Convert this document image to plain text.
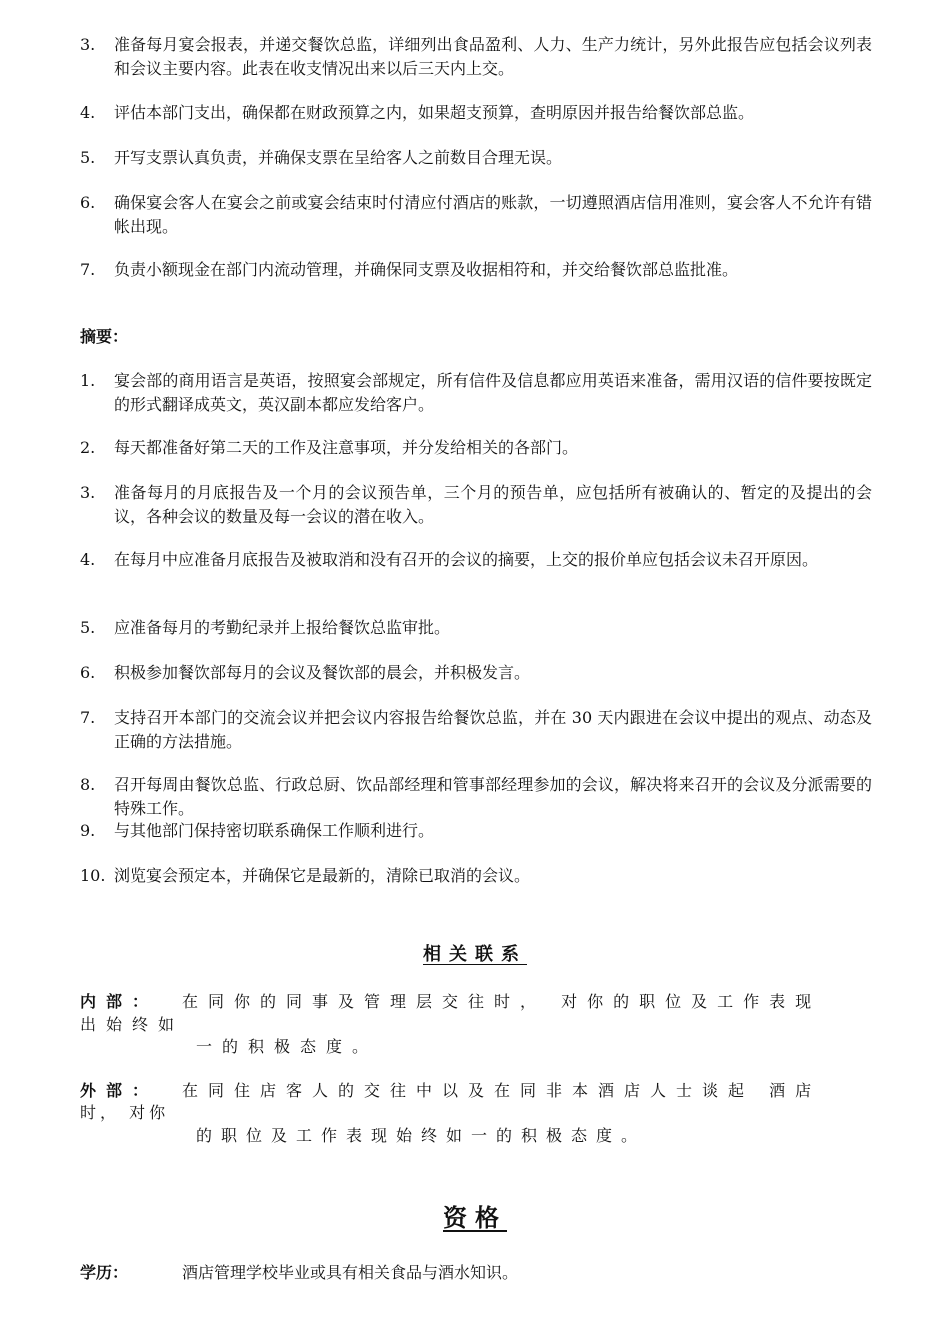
3. 准备每月宴会报表，并递交餐饮总监，详细列出食品盈利、人力、生产力统计，另外此报告应包括会议列表和会议主要内容。此表在收支情况出来以后三天内上交。
4. 评估本部门支出，确保都在财政预算之内，如果超支预算，查明原因并报告给餐饮部总监。
5. 开写支票认真负责，并确保支票在呈给客人之前数目合理无误。
6. 确保宴会客人在宴会之前或宴会结束时付清应付酒店的账款，一切遵照酒店信用准则，宴会客人不允许有错帐出现。
7. 负责小额现金在部门内流动管理，并确保同支票及收据相符和，并交给餐饮部总监批准。
摘要：
1. 宴会部的商用语言是英语，按照宴会部规定，所有信件及信息都应用英语来准备，需用汉语的信件要按既定的形式翻译成英文，英汉副本都应发给客户。
2. 每天都准备好第二天的工作及注意事项，并分发给相关的各部门。
3. 准备每月的月底报告及一个月的会议预告单，三个月的预告单，应包括所有被确认的、暂定的及提出的会议，各种会议的数量及每一会议的潜在收入。
4. 在每月中应准备月底报告及被取消和没有召开的会议的摘要，上交的报价单应包括会议未召开原因。
5. 应准备每月的考勤纪录并上报给餐饮总监审批。
6. 积极参加餐饮部每月的会议及餐饮部的晨会，并积极发言。
7. 支持召开本部门的交流会议并把会议内容报告给餐饮总监，并在 30 天内跟进在会议中提出的观点、动态及正确的方法措施。
8. 召开每周由餐饮总监、行政总厨、饮品部经理和管事部经理参加的会议，解决将来召开的会议及分派需要的特殊工作。
9. 与其他部门保持密切联系确保工作顺利进行。
10. 浏览宴会预定本，并确保它是最新的，清除已取消的会议。
相关联系
内部： 在同你的同事及管理层交往时， 对你的职位及工作表现
出始终如
一的积极态度。
外部： 在同住店客人的交往中以及在同非本酒店人士谈起 酒店
时， 对你
的职位及工作表现始终如一的积极态度。
资格
学历：	酒店管理学校毕业或具有相关食品与酒水知识。
